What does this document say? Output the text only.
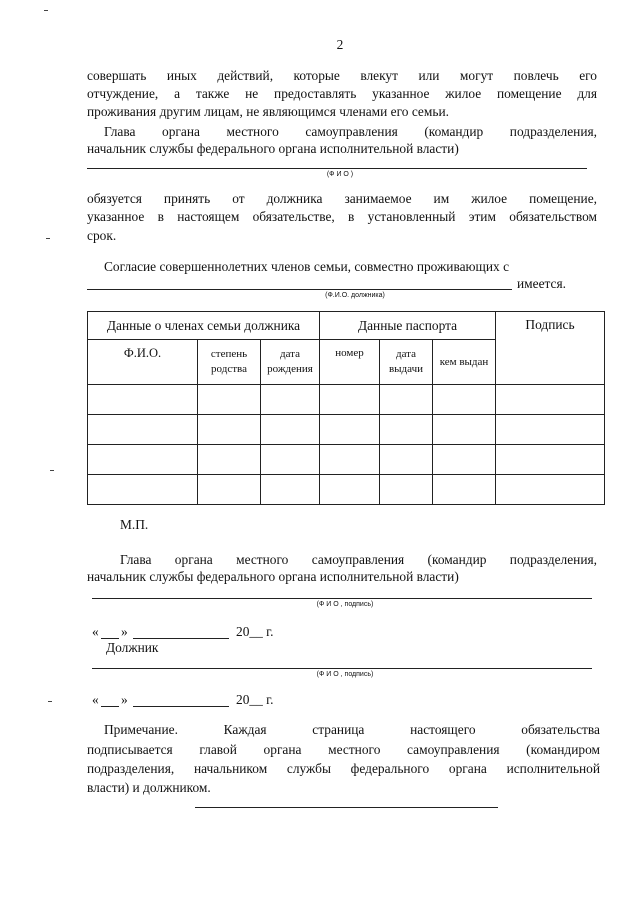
2
совершать иных действий, которые влекут или могут повлечь его
отчуждение, а также не предоставлять указанное жилое помещение для
проживания другим лицам, не являющимся членами его семьи.
Глава органа местного самоуправления (командир подразделения,
начальник службы федерального органа исполнительной власти)
(Ф И О )
обязуется принять от должника занимаемое им жилое помещение,
указанное в настоящем обязательстве, в установленный этим обязательством
срок.
Согласие совершеннолетних членов семьи, совместно проживающих с
имеется.
(Ф.И.О. должника)
Данные о членах семьи должника			Данные паспорта			Подпись
Ф.И.О.	степень родства	дата рождения	номер	дата выдачи	кем выдан	

М.П.
Глава органа местного самоуправления (командир подразделения,
начальник службы федерального органа исполнительной власти)
(Ф И О , подпись)
« »	20__ г.
Должник
(Ф И О , подпись)
« »	20__ г.
Примечание. Каждая страница настоящего обязательства
подписывается главой органа местного самоуправления (командиром
подразделения, начальником службы федерального органа исполнительной
власти) и должником.
